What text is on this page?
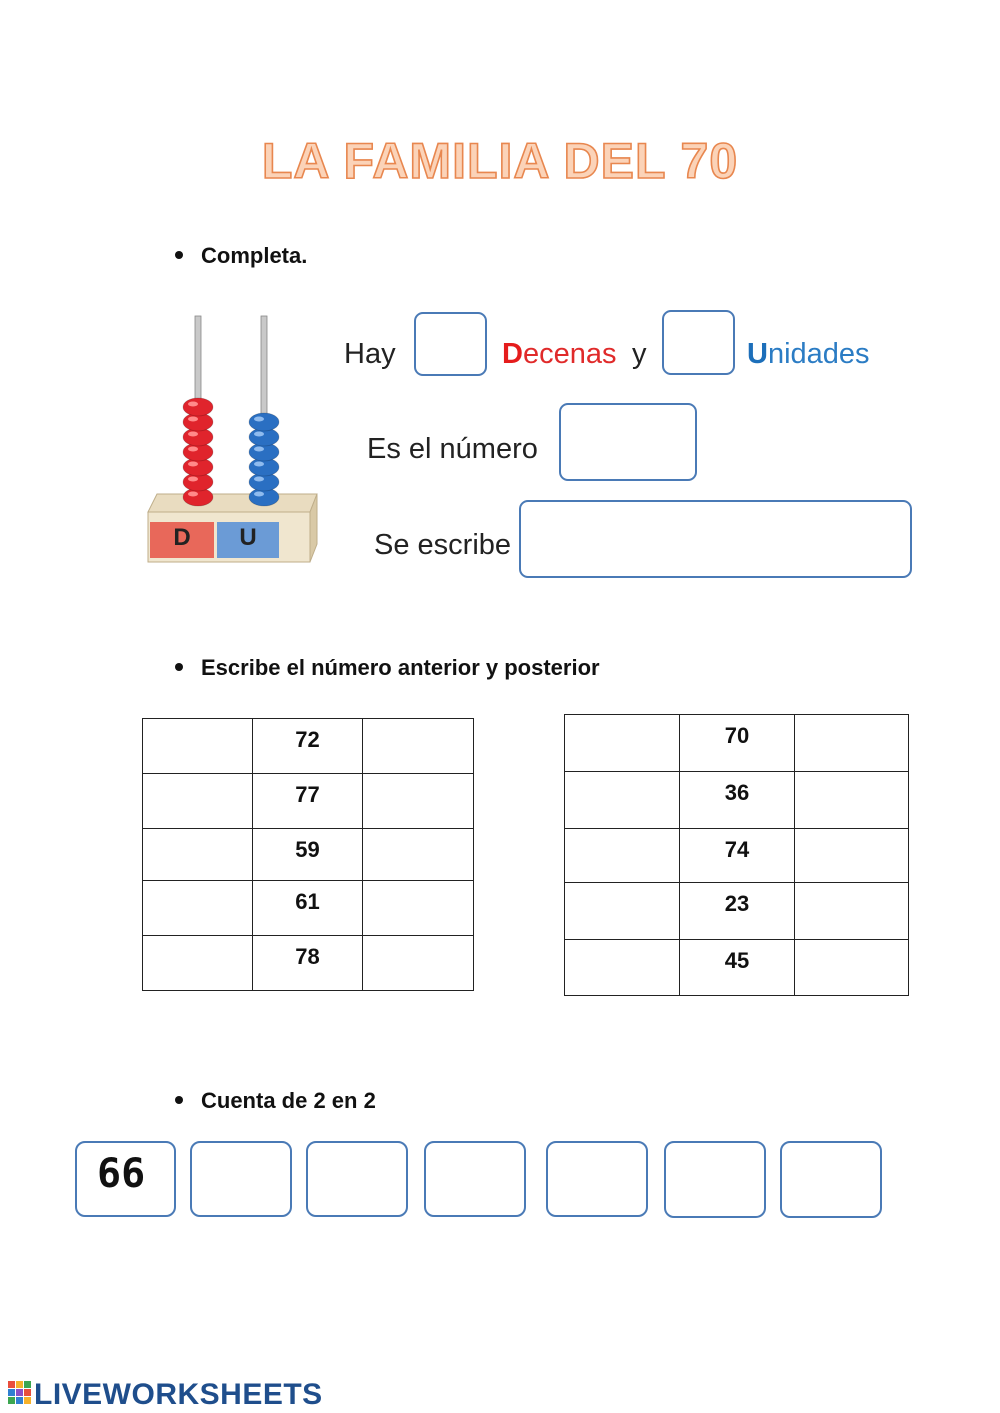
LA FAMILIA DEL 70
Completa.
D	U
Hay	Decenas y	Unidades
Es el número
Se escribe
Escribe el número anterior y posterior
	72	
	77	
	59	
	61	
	78	
	70	
	36	
	74	
	23	
	45	
Cuenta de 2 en 2
66
LIVEWORKSHEETS
